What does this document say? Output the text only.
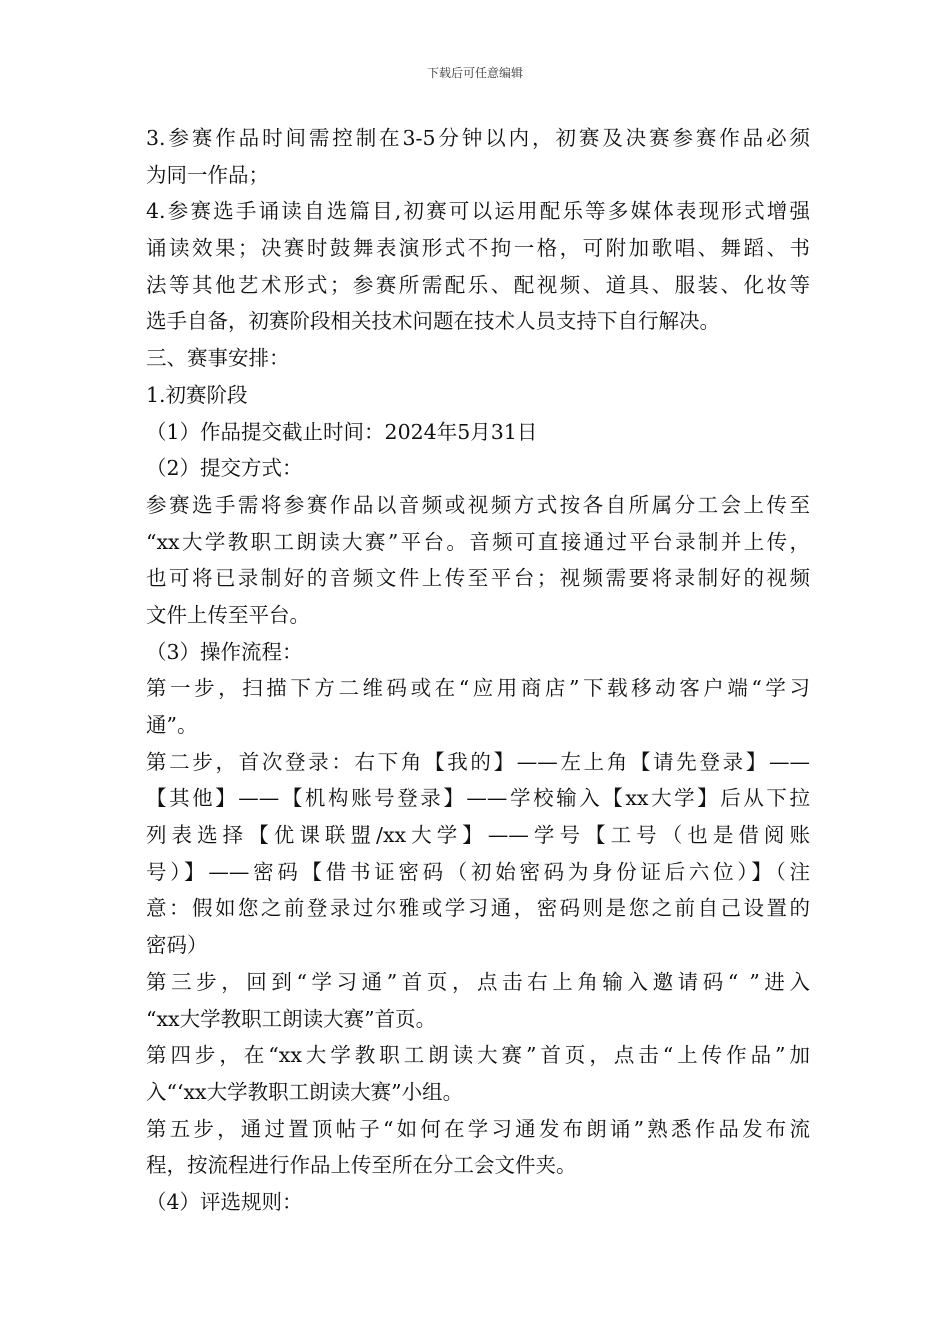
下载后可任意编辑
3.参赛作品时间需控制在3-5分钟以内，初赛及决赛参赛作品必须
为同一作品；
4.参赛选手诵读自选篇目,初赛可以运用配乐等多媒体表现形式增强
诵读效果；决赛时鼓舞表演形式不拘一格，可附加歌唱、舞蹈、书
法等其他艺术形式；参赛所需配乐、配视频、道具、服装、化妆等
选手自备，初赛阶段相关技术问题在技术人员支持下自行解决。
三、赛事安排：
1.初赛阶段
（1）作品提交截止时间：2024年5月31日
（2）提交方式：
参赛选手需将参赛作品以音频或视频方式按各自所属分工会上传至
“xx大学教职工朗读大赛”平台。音频可直接通过平台录制并上传，
也可将已录制好的音频文件上传至平台；视频需要将录制好的视频
文件上传至平台。
（3）操作流程：
第一步，扫描下方二维码或在“应用商店”下载移动客户端“学习
通”。
第二步，首次登录：右下角【我的】——左上角【请先登录】——
【其他】——【机构账号登录】——学校输入【xx大学】后从下拉
列表选择【优课联盟/xx大学】——学号【工号（也是借阅账
号）】——密码【借书证密码（初始密码为身份证后六位）】（注
意：假如您之前登录过尔雅或学习通，密码则是您之前自己设置的
密码）
第三步，回到“学习通”首页，点击右上角输入邀请码“ ”进入
“xx大学教职工朗读大赛”首页。
第四步，在“xx大学教职工朗读大赛”首页，点击“上传作品”加
入“‘xx大学教职工朗读大赛”小组。
第五步，通过置顶帖子“如何在学习通发布朗诵”熟悉作品发布流
程，按流程进行作品上传至所在分工会文件夹。
（4）评选规则：
